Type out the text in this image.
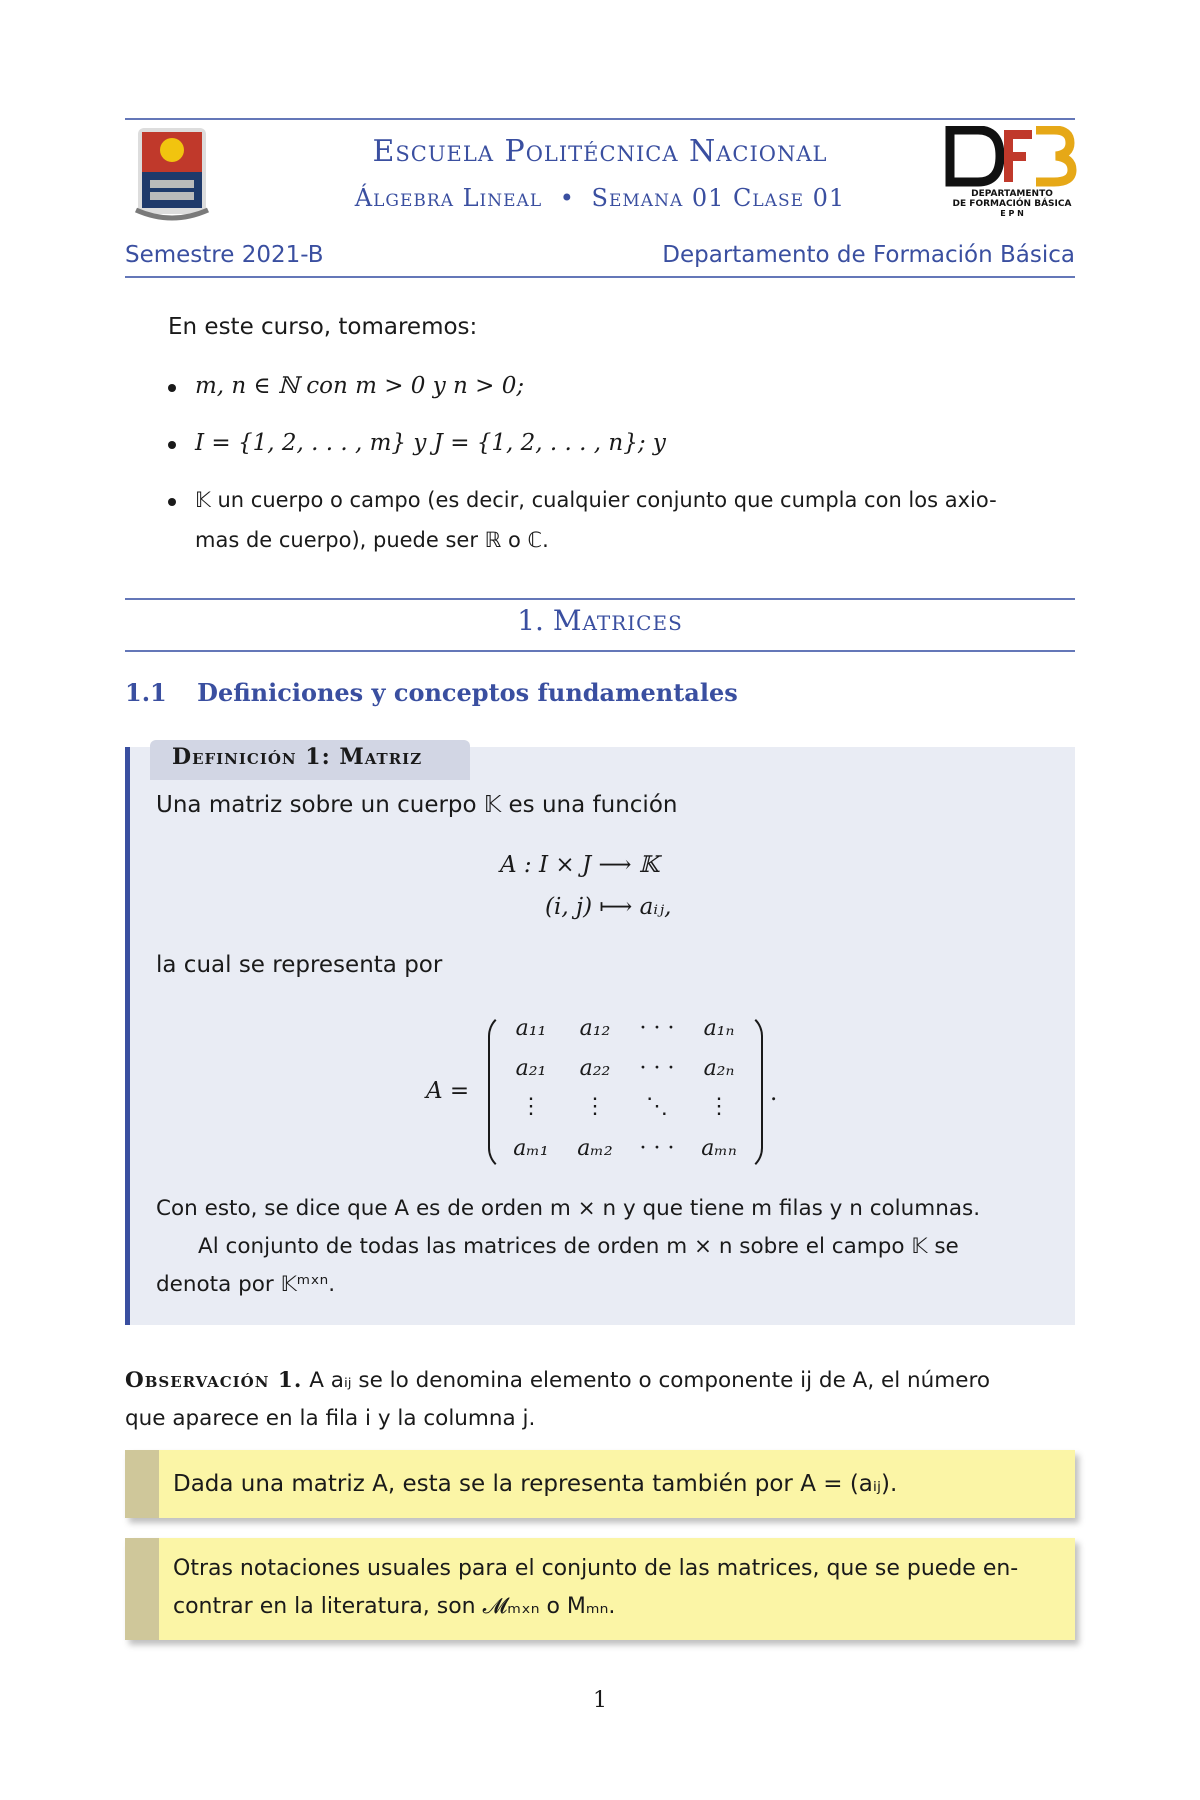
Escuela Politécnica Nacional
Álgebra Lineal • Semana 01 Clase 01	DEPARTAMENTO
DE FORMACIÓN BÁSICA
E P N
Semestre 2021-B	Departamento de Formación Básica
En este curso, tomaremos:
m, n ∈ ℕ con m > 0 y n > 0;
I = {1, 2, . . . , m} y J = {1, 2, . . . , n}; y
𝕂 un cuerpo o campo (es decir, cualquier conjunto que cumpla con los axio-
mas de cuerpo), puede ser ℝ o ℂ.
1. Matrices
1.1 Definiciones y conceptos fundamentales
Definición 1: Matriz
Una matriz sobre un cuerpo 𝕂 es una función
A : I × J ⟶ 𝕂
(i, j) ⟼ aᵢⱼ,
la cual se representa por
A =
a₁₁	a₁₂	· · ·	a₁ₙ
a₂₁	a₂₂	· · ·	a₂ₙ
⋮	⋮	⋱	⋮
aₘ₁	aₘ₂	· · ·	aₘₙ
.
Con esto, se dice que A es de orden m × n y que tiene m filas y n columnas.
Al conjunto de todas las matrices de orden m × n sobre el campo 𝕂 se
denota por 𝕂ᵐˣⁿ.
Observación 1. A aᵢⱼ se lo denomina elemento o componente ij de A, el número
que aparece en la fila i y la columna j.
Dada una matriz A, esta se la representa también por A = (aᵢⱼ).
Otras notaciones usuales para el conjunto de las matrices, que se puede en-
contrar en la literatura, son 𝓜ₘₓₙ o Mₘₙ.
1
